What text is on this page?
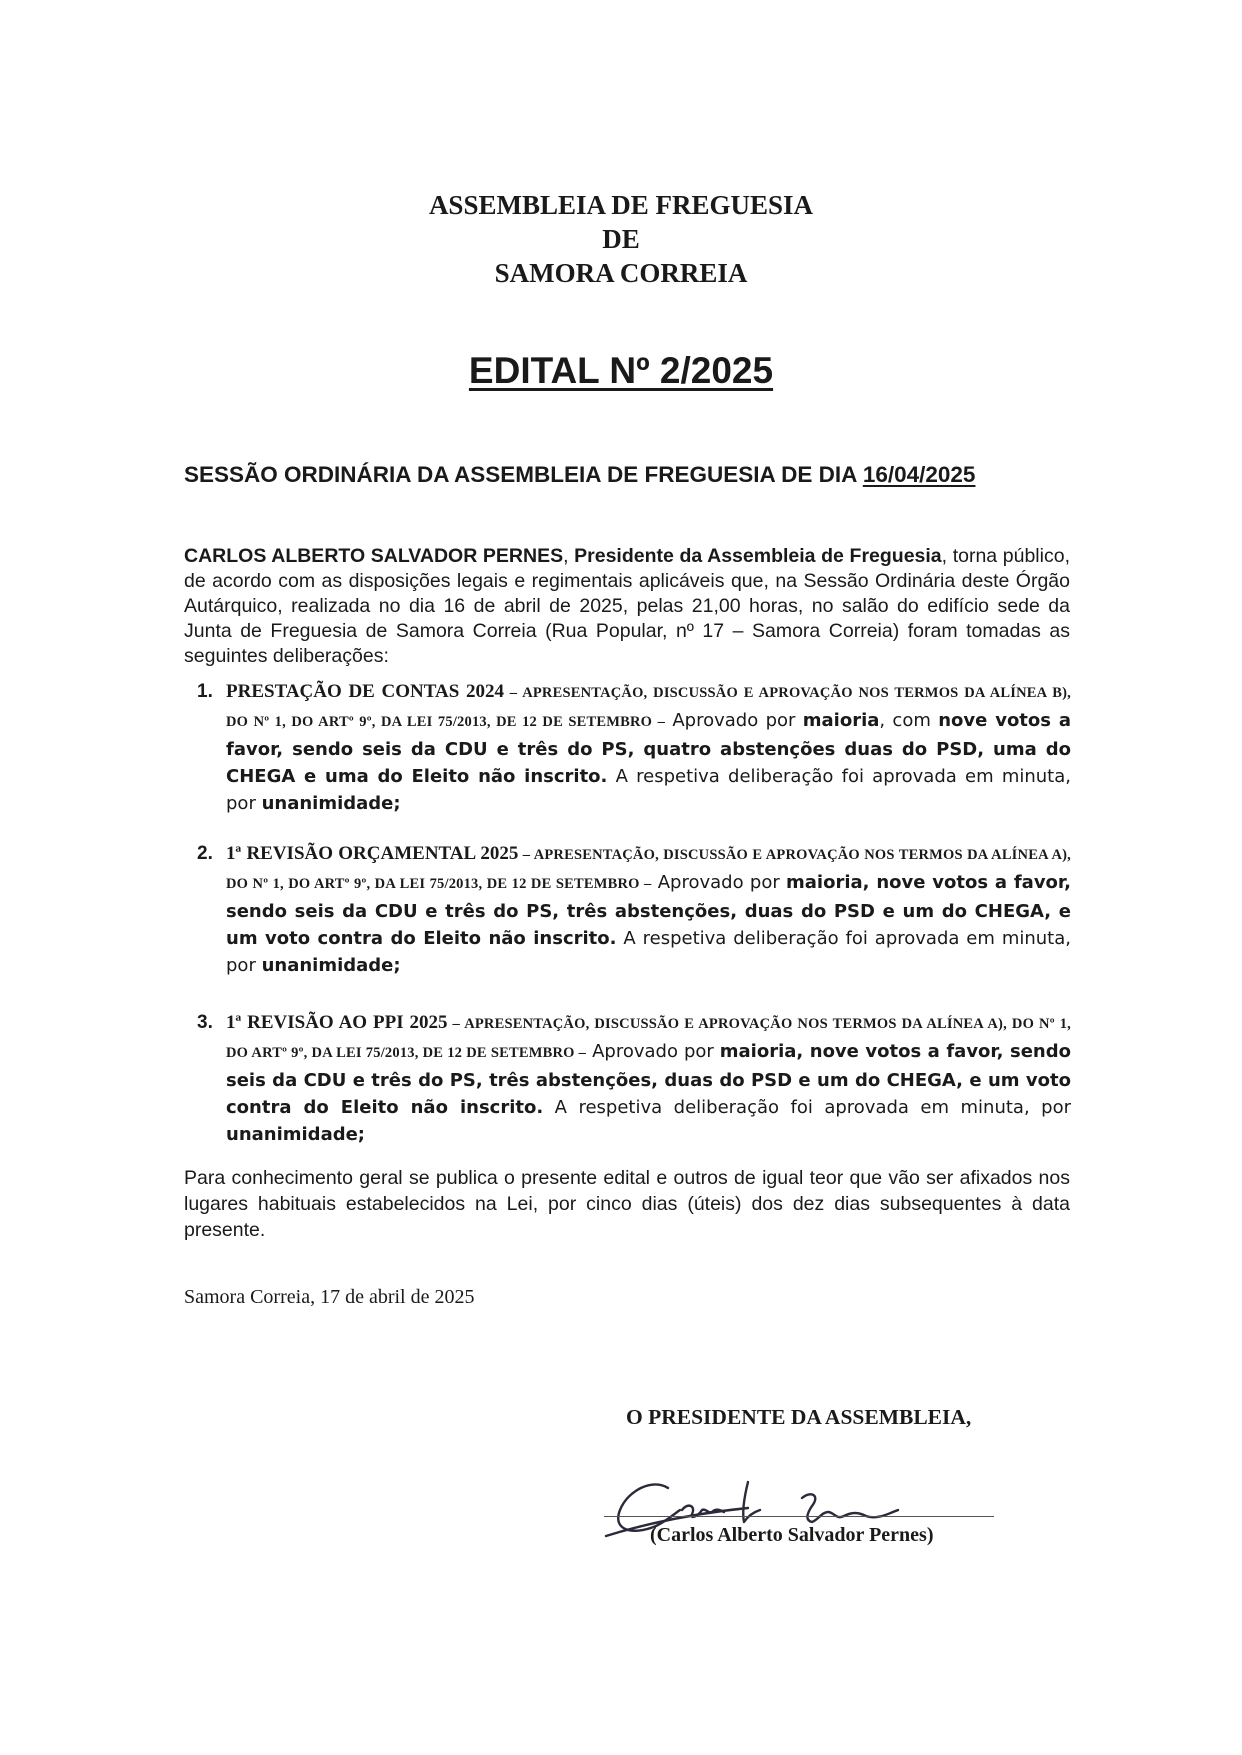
ASSEMBLEIA DE FREGUESIA
DE
SAMORA CORREIA
EDITAL Nº 2/2025
SESSÃO ORDINÁRIA DA ASSEMBLEIA DE FREGUESIA DE DIA 16/04/2025
CARLOS ALBERTO SALVADOR PERNES, Presidente da Assembleia de Freguesia, torna público, de acordo com as disposições legais e regimentais aplicáveis que, na Sessão Ordinária deste Órgão Autárquico, realizada no dia 16 de abril de 2025, pelas 21,00 horas, no salão do edifício sede da Junta de Freguesia de Samora Correia (Rua Popular, nº 17 – Samora Correia) foram tomadas as seguintes deliberações:
1. PRESTAÇÃO DE CONTAS 2024 – APRESENTAÇÃO, DISCUSSÃO E APROVAÇÃO NOS TERMOS DA ALÍNEA B), DO Nº 1, DO ARTº 9º, DA LEI 75/2013, DE 12 DE SETEMBRO – Aprovado por maioria, com nove votos a favor, sendo seis da CDU e três do PS, quatro abstenções duas do PSD, uma do CHEGA e uma do Eleito não inscrito. A respetiva deliberação foi aprovada em minuta, por unanimidade;
2. 1ª REVISÃO ORÇAMENTAL 2025 – APRESENTAÇÃO, DISCUSSÃO E APROVAÇÃO NOS TERMOS DA ALÍNEA A), DO Nº 1, DO ARTº 9º, DA LEI 75/2013, DE 12 DE SETEMBRO – Aprovado por maioria, nove votos a favor, sendo seis da CDU e três do PS, três abstenções, duas do PSD e um do CHEGA, e um voto contra do Eleito não inscrito. A respetiva deliberação foi aprovada em minuta, por unanimidade;
3. 1ª REVISÃO AO PPI 2025 – APRESENTAÇÃO, DISCUSSÃO E APROVAÇÃO NOS TERMOS DA ALÍNEA A), DO Nº 1, DO ARTº 9º, DA LEI 75/2013, DE 12 DE SETEMBRO – Aprovado por maioria, nove votos a favor, sendo seis da CDU e três do PS, três abstenções, duas do PSD e um do CHEGA, e um voto contra do Eleito não inscrito. A respetiva deliberação foi aprovada em minuta, por unanimidade;
Para conhecimento geral se publica o presente edital e outros de igual teor que vão ser afixados nos lugares habituais estabelecidos na Lei, por cinco dias (úteis) dos dez dias subsequentes à data presente.
Samora Correia, 17 de abril de 2025
O PRESIDENTE DA ASSEMBLEIA,
(Carlos Alberto Salvador Pernes)
